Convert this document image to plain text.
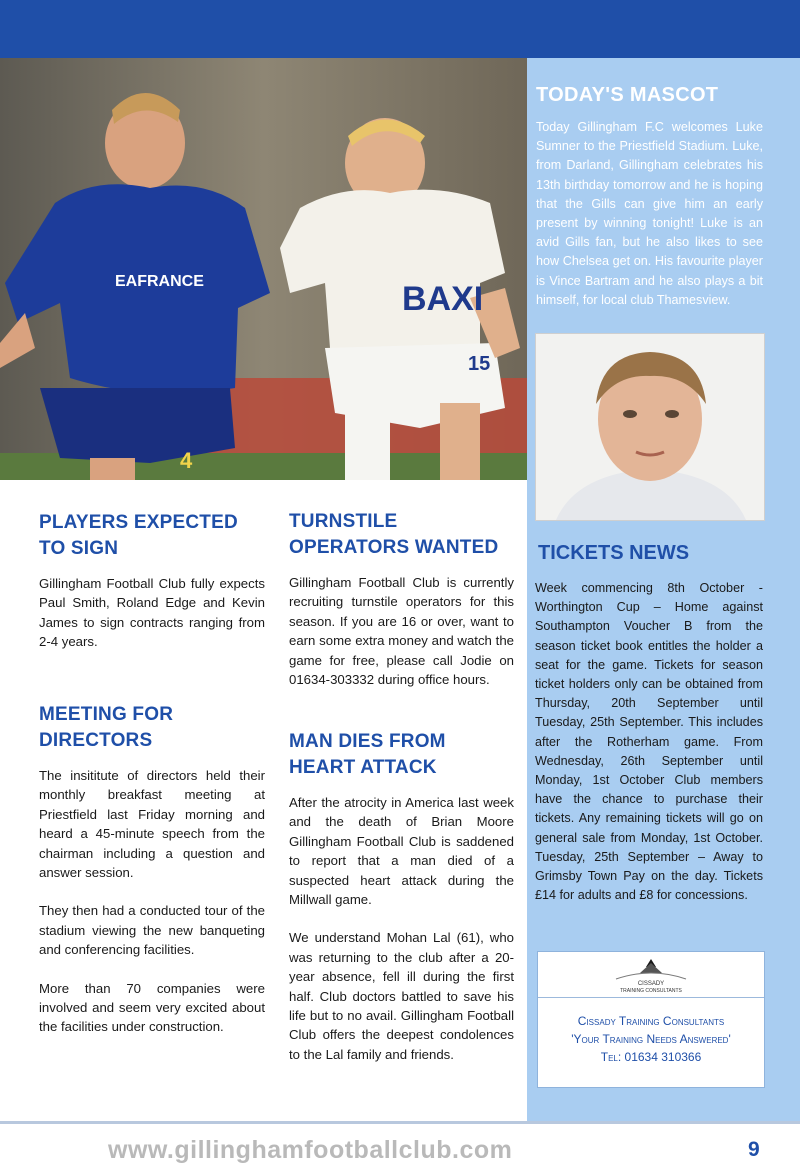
EAFRANCE
4
BAXI
15
PLAYERS EXPECTED
TO SIGN

Gillingham Football Club fully expects Paul Smith, Roland Edge and Kevin James to sign contracts ranging from 2-4 years.

MEETING FOR
DIRECTORS

The insititute of directors held their monthly breakfast meeting at Priestfield last Friday morning and heard a 45-minute speech from the chairman including a question and answer session.

They then had a conducted tour of the stadium viewing the new banqueting and conferencing facilities.

More than 70 companies were involved and seem very excited about the facilities under construction.

TURNSTILE
OPERATORS WANTED

Gillingham Football Club is currently recruiting turnstile operators for this season. If you are 16 or over, want to earn some extra money and watch the game for free, please call Jodie on 01634-303332 during office hours.

MAN DIES FROM
HEART ATTACK

After the atrocity in America last week and the death of Brian Moore Gillingham Football Club is saddened to report that a man died of a suspected heart attack during the Millwall game.

We understand Mohan Lal (61), who was returning to the club after a 20-year absence, fell ill during the first half. Club doctors battled to save his life but to no avail. Gillingham Football Club offers the deepest condolences to the Lal family and friends.

TODAY'S MASCOT

Today Gillingham F.C welcomes Luke Sumner to the Priestfield Stadium. Luke, from Darland, Gillingham celebrates his 13th birthday tomorrow and he is hoping that the Gills can give him an early present by winning tonight! Luke is an avid Gills fan, but he also likes to see how Chelsea get on. His favourite player is Vince Bartram and he also plays a bit himself, for local club Thamesview.

TICKETS NEWS

Week commencing 8th October - Worthington Cup – Home against Southampton Voucher B from the season ticket book entitles the holder a seat for the game. Tickets for season ticket holders only can be obtained from Thursday, 20th September until Tuesday, 25th September. This includes after the Rotherham game. From Wednesday, 26th September until Monday, 1st October Club members have the chance to purchase their tickets. Any remaining tickets will go on general sale from Monday, 1st October. Tuesday, 25th September – Away to Grimsby Town Pay on the day. Tickets £14 for adults and £8 for concessions.

CISSADY
TRAINING CONSULTANTS
Cissady Training Consultants
'Your Training Needs Answered'
Tel: 01634 310366
www.gillinghamfootballclub.com	9
